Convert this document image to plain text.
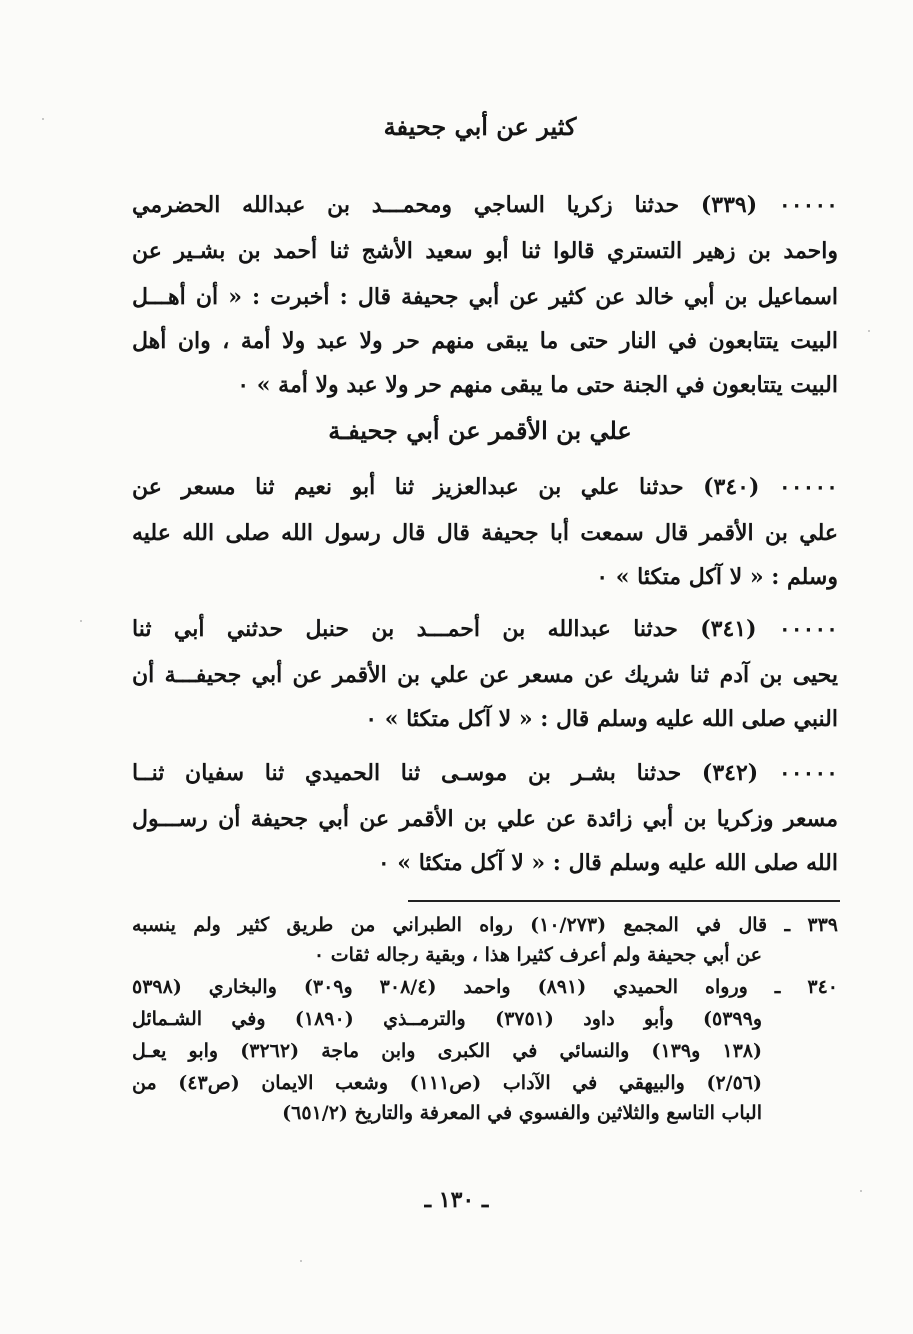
كثير عن أبي جحيفة
٠٠٠٠٠ (٣٣٩) حدثنا زكريا الساجي ومحمـــد بن عبدالله الحضرمي
واحمد بن زهير التستري قالوا ثنا أبو سعيد الأشج ثنا أحمد بن بشـير عن
اسماعيل بن أبي خالد عن كثير عن أبي جحيفة قال : أخبرت : « أن أهـــل
البيت يتتابعون في النار حتى ما يبقى منهم حر ولا عبد ولا أمة ، وان أهل
البيت يتتابعون في الجنة حتى ما يبقى منهم حر ولا عبد ولا أمة » ٠
علي بن الأقمر عن أبي جحيفـة
٠٠٠٠٠ (٣٤٠) حدثنا علي بن عبدالعزيز ثنا أبو نعيم ثنا مسعر عن
علي بن الأقمر قال سمعت أبا جحيفة قال قال رسول الله صلى الله عليه
وسلم : « لا آكل متكئا » ٠
٠٠٠٠٠ (٣٤١) حدثنا عبدالله بن أحمـــد بن حنبل حدثني أبي ثنا
يحيى بن آدم ثنا شريك عن مسعر عن علي بن الأقمر عن أبي جحيفـــة أن
النبي صلى الله عليه وسلم قال : « لا آكل متكئا » ٠
٠٠٠٠٠ (٣٤٢) حدثنا بشـر بن موسـى ثنا الحميدي ثنا سفيان ثنــا
مسعر وزكريا بن أبي زائدة عن علي بن الأقمر عن أبي جحيفة أن رســـول
الله صلى الله عليه وسلم قال : « لا آكل متكئا » ٠
٣٣٩ ـ قال في المجمع (١٠/٢٧٣) رواه الطبراني من طريق كثير ولم ينسبه
عن أبي جحيفة ولم أعرف كثيرا هذا ، وبقية رجاله ثقات ٠
٣٤٠ ـ ورواه الحميدي (٨٩١) واحمد (٣٠٨/٤ و٣٠٩) والبخاري (٥٣٩٨
و٥٣٩٩) وأبو داود (٣٧٥١) والترمــذي (١٨٩٠) وفي الشـمائل
(١٣٨ و١٣٩) والنسائي في الكبرى وابن ماجة (٣٢٦٢) وابو يعـل
(٢/٥٦) والبيهقي في الآداب (ص١١١) وشعب الايمان (ص٤٣) من
الباب التاسع والثلاثين والفسوي في المعرفة والتاريخ (٦٥١/٢)
ـ ١٣٠ ـ
